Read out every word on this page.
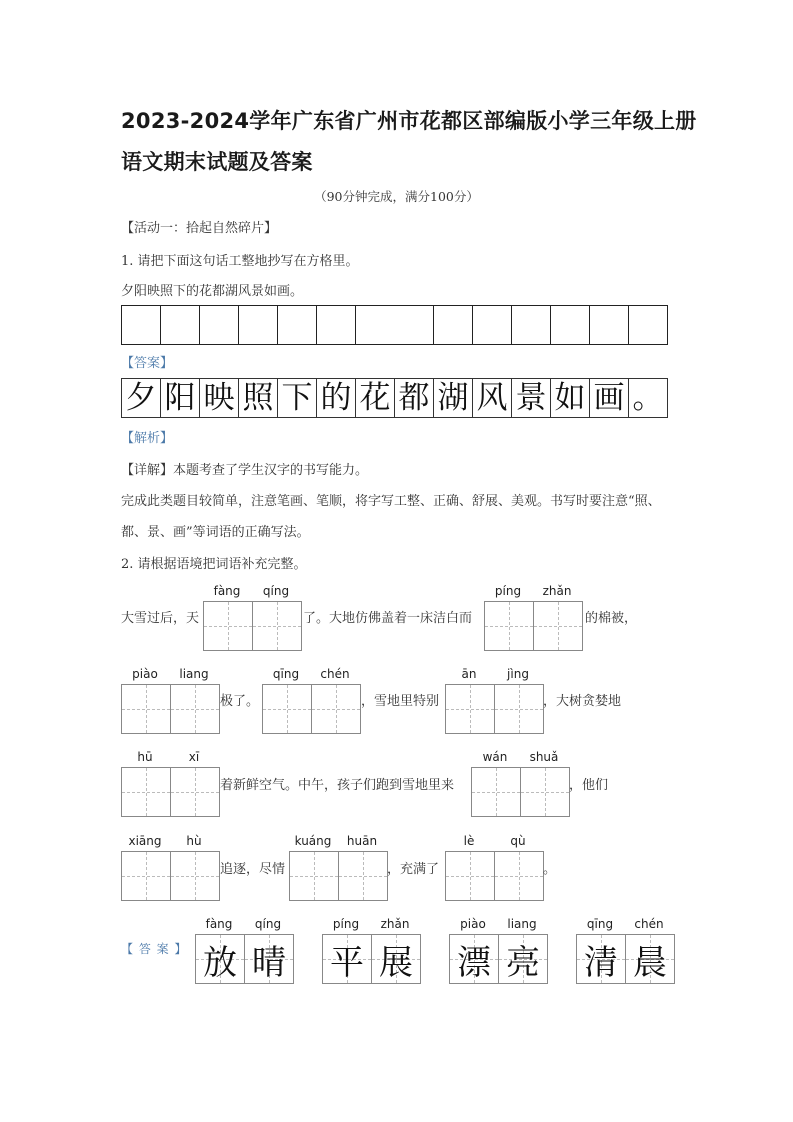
2023-2024学年广东省广州市花都区部编版小学三年级上册
语文期末试题及答案
（90分钟完成，满分100分）
【活动一：拾起自然碎片】
1. 请把下面这句话工整地抄写在方格里。
夕阳映照下的花都湖风景如画。
【答案】
夕 阳 映 照 下 的 花 都 湖 风 景 如 画 。
【解析】
【详解】本题考查了学生汉字的书写能力。
完成此类题目较简单，注意笔画、笔顺，将字写工整、正确、舒展、美观。书写时要注意“照、
都、景、画”等词语的正确写法。
2. 请根据语境把词语补充完整。
大雪过后，天
fàng	qíng
了。大地仿佛盖着一床洁白而
píng	zhǎn
的棉被，
piào	liang
极了。
qīng	chén
，雪地里特别
ān	jìng
，大树贪婪地
hū	xī
着新鲜空气。中午，孩子们跑到雪地里来
wán	shuǎ
，他们
xiāng	hù
追逐，尽情
kuáng	huān
，充满了
lè	qù
。
【 答 案 】
fàng	qíng
放 晴
píng	zhǎn
平 展
piào	liang
漂 亮
qīng	chén
清 晨
